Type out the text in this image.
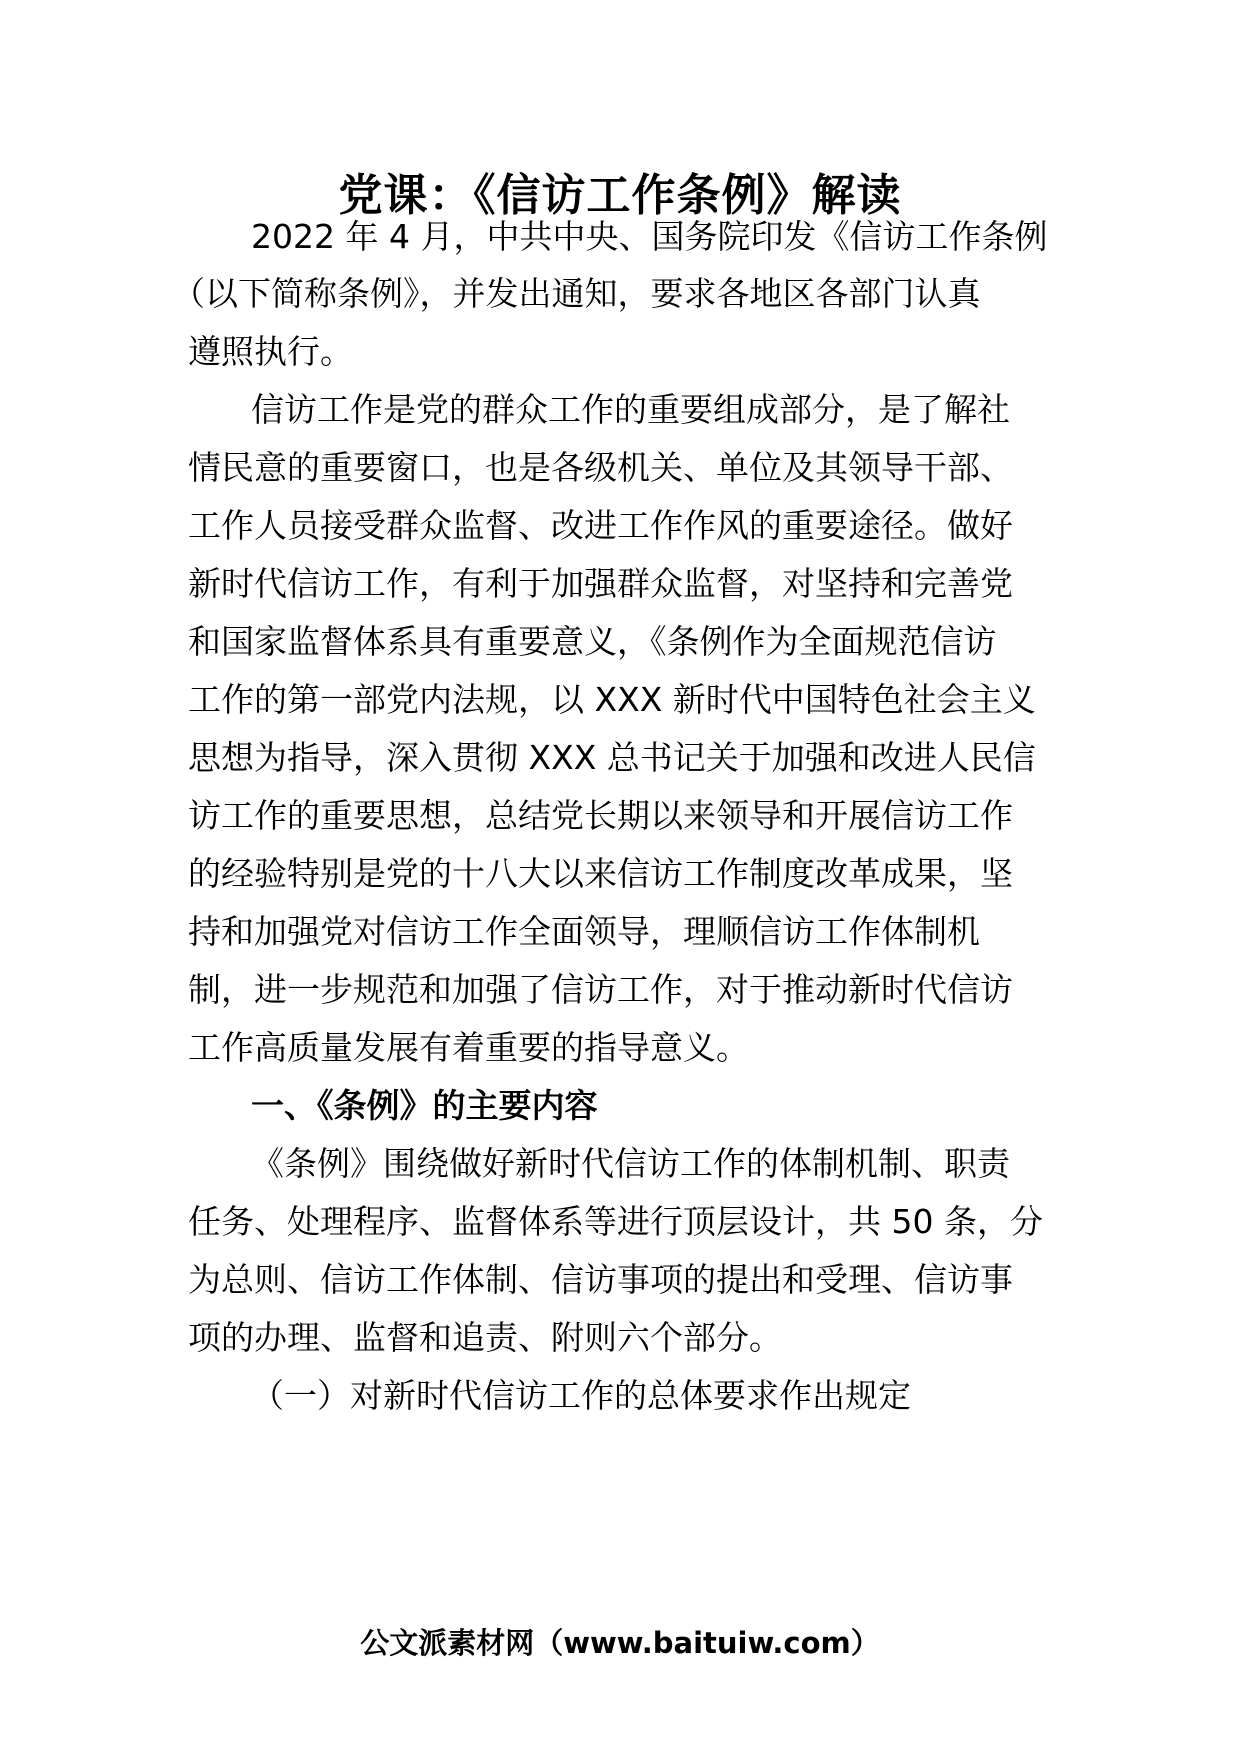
党课：《信访工作条例》解读
2022 年 4 月，中共中央、国务院印发《信访工作条例
（以下简称条例》，并发出通知，要求各地区各部门认真
遵照执行。
信访工作是党的群众工作的重要组成部分，是了解社
情民意的重要窗口，也是各级机关、单位及其领导干部、
工作人员接受群众监督、改进工作作风的重要途径。做好
新时代信访工作，有利于加强群众监督，对坚持和完善党
和国家监督体系具有重要意义，《条例作为全面规范信访
工作的第一部党内法规，以 XXX 新时代中国特色社会主义
思想为指导，深入贯彻 XXX 总书记关于加强和改进人民信
访工作的重要思想，总结党长期以来领导和开展信访工作
的经验特别是党的十八大以来信访工作制度改革成果，坚
持和加强党对信访工作全面领导，理顺信访工作体制机
制，进一步规范和加强了信访工作，对于推动新时代信访
工作高质量发展有着重要的指导意义。
一、《条例》的主要内容
《条例》围绕做好新时代信访工作的体制机制、职责
任务、处理程序、监督体系等进行顶层设计，共 50 条，分
为总则、信访工作体制、信访事项的提出和受理、信访事
项的办理、监督和追责、附则六个部分。
（一）对新时代信访工作的总体要求作出规定
公文派素材网（www.baituiw.com）
